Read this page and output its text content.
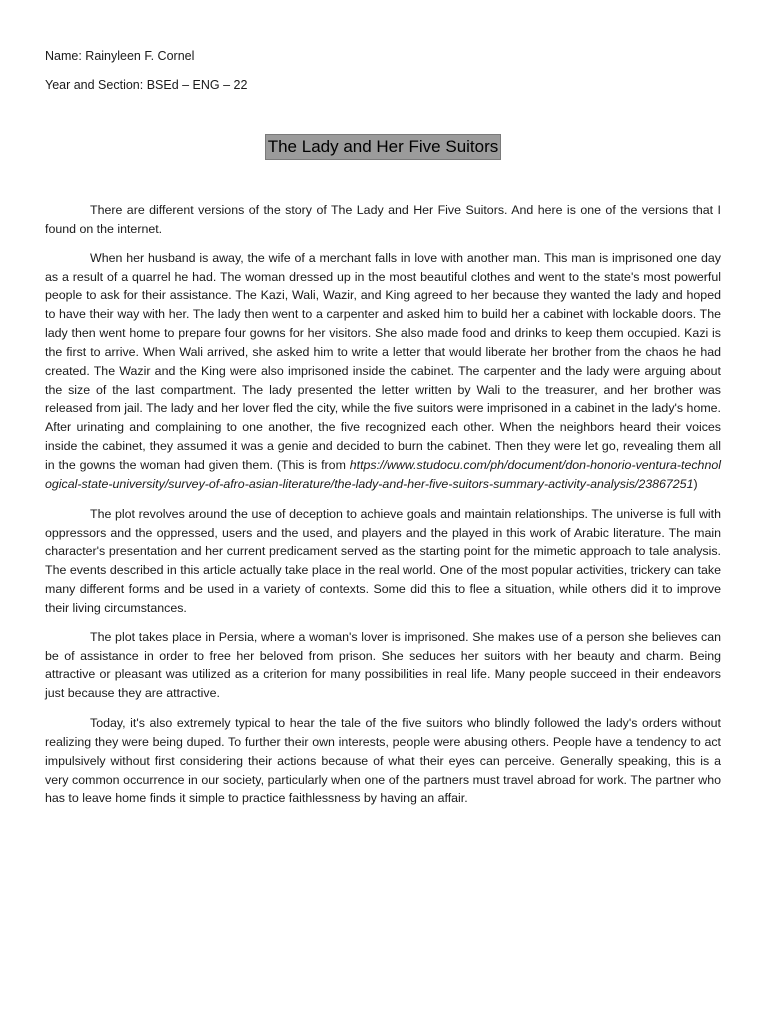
Name: Rainyleen F. Cornel
Year and Section: BSEd – ENG – 22
The Lady and Her Five Suitors

There are different versions of the story of The Lady and Her Five Suitors. And here is one of the versions that I found on the internet.

When her husband is away, the wife of a merchant falls in love with another man. This man is imprisoned one day as a result of a quarrel he had. The woman dressed up in the most beautiful clothes and went to the state's most powerful people to ask for their assistance. The Kazi, Wali, Wazir, and King agreed to her because they wanted the lady and hoped to have their way with her. The lady then went to a carpenter and asked him to build her a cabinet with lockable doors. The lady then went home to prepare four gowns for her visitors. She also made food and drinks to keep them occupied. Kazi is the first to arrive. When Wali arrived, she asked him to write a letter that would liberate her brother from the chaos he had created. The Wazir and the King were also imprisoned inside the cabinet. The carpenter and the lady were arguing about the size of the last compartment. The lady presented the letter written by Wali to the treasurer, and her brother was released from jail. The lady and her lover fled the city, while the five suitors were imprisoned in a cabinet in the lady's home. After urinating and complaining to one another, the five recognized each other. When the neighbors heard their voices inside the cabinet, they assumed it was a genie and decided to burn the cabinet. Then they were let go, revealing them all in the gowns the woman had given them. (This is from https://www.studocu.com/ph/document/don-honorio-ventura-technological-state-university/survey-of-afro-asian-literature/the-lady-and-her-five-suitors-summary-activity-analysis/23867251)

The plot revolves around the use of deception to achieve goals and maintain relationships. The universe is full with oppressors and the oppressed, users and the used, and players and the played in this work of Arabic literature. The main character's presentation and her current predicament served as the starting point for the mimetic approach to tale analysis. The events described in this article actually take place in the real world. One of the most popular activities, trickery can take many different forms and be used in a variety of contexts. Some did this to flee a situation, while others did it to improve their living circumstances.

The plot takes place in Persia, where a woman's lover is imprisoned. She makes use of a person she believes can be of assistance in order to free her beloved from prison. She seduces her suitors with her beauty and charm. Being attractive or pleasant was utilized as a criterion for many possibilities in real life. Many people succeed in their endeavors just because they are attractive.

Today, it's also extremely typical to hear the tale of the five suitors who blindly followed the lady's orders without realizing they were being duped. To further their own interests, people were abusing others. People have a tendency to act impulsively without first considering their actions because of what their eyes can perceive. Generally speaking, this is a very common occurrence in our society, particularly when one of the partners must travel abroad for work. The partner who has to leave home finds it simple to practice faithlessness by having an affair.
